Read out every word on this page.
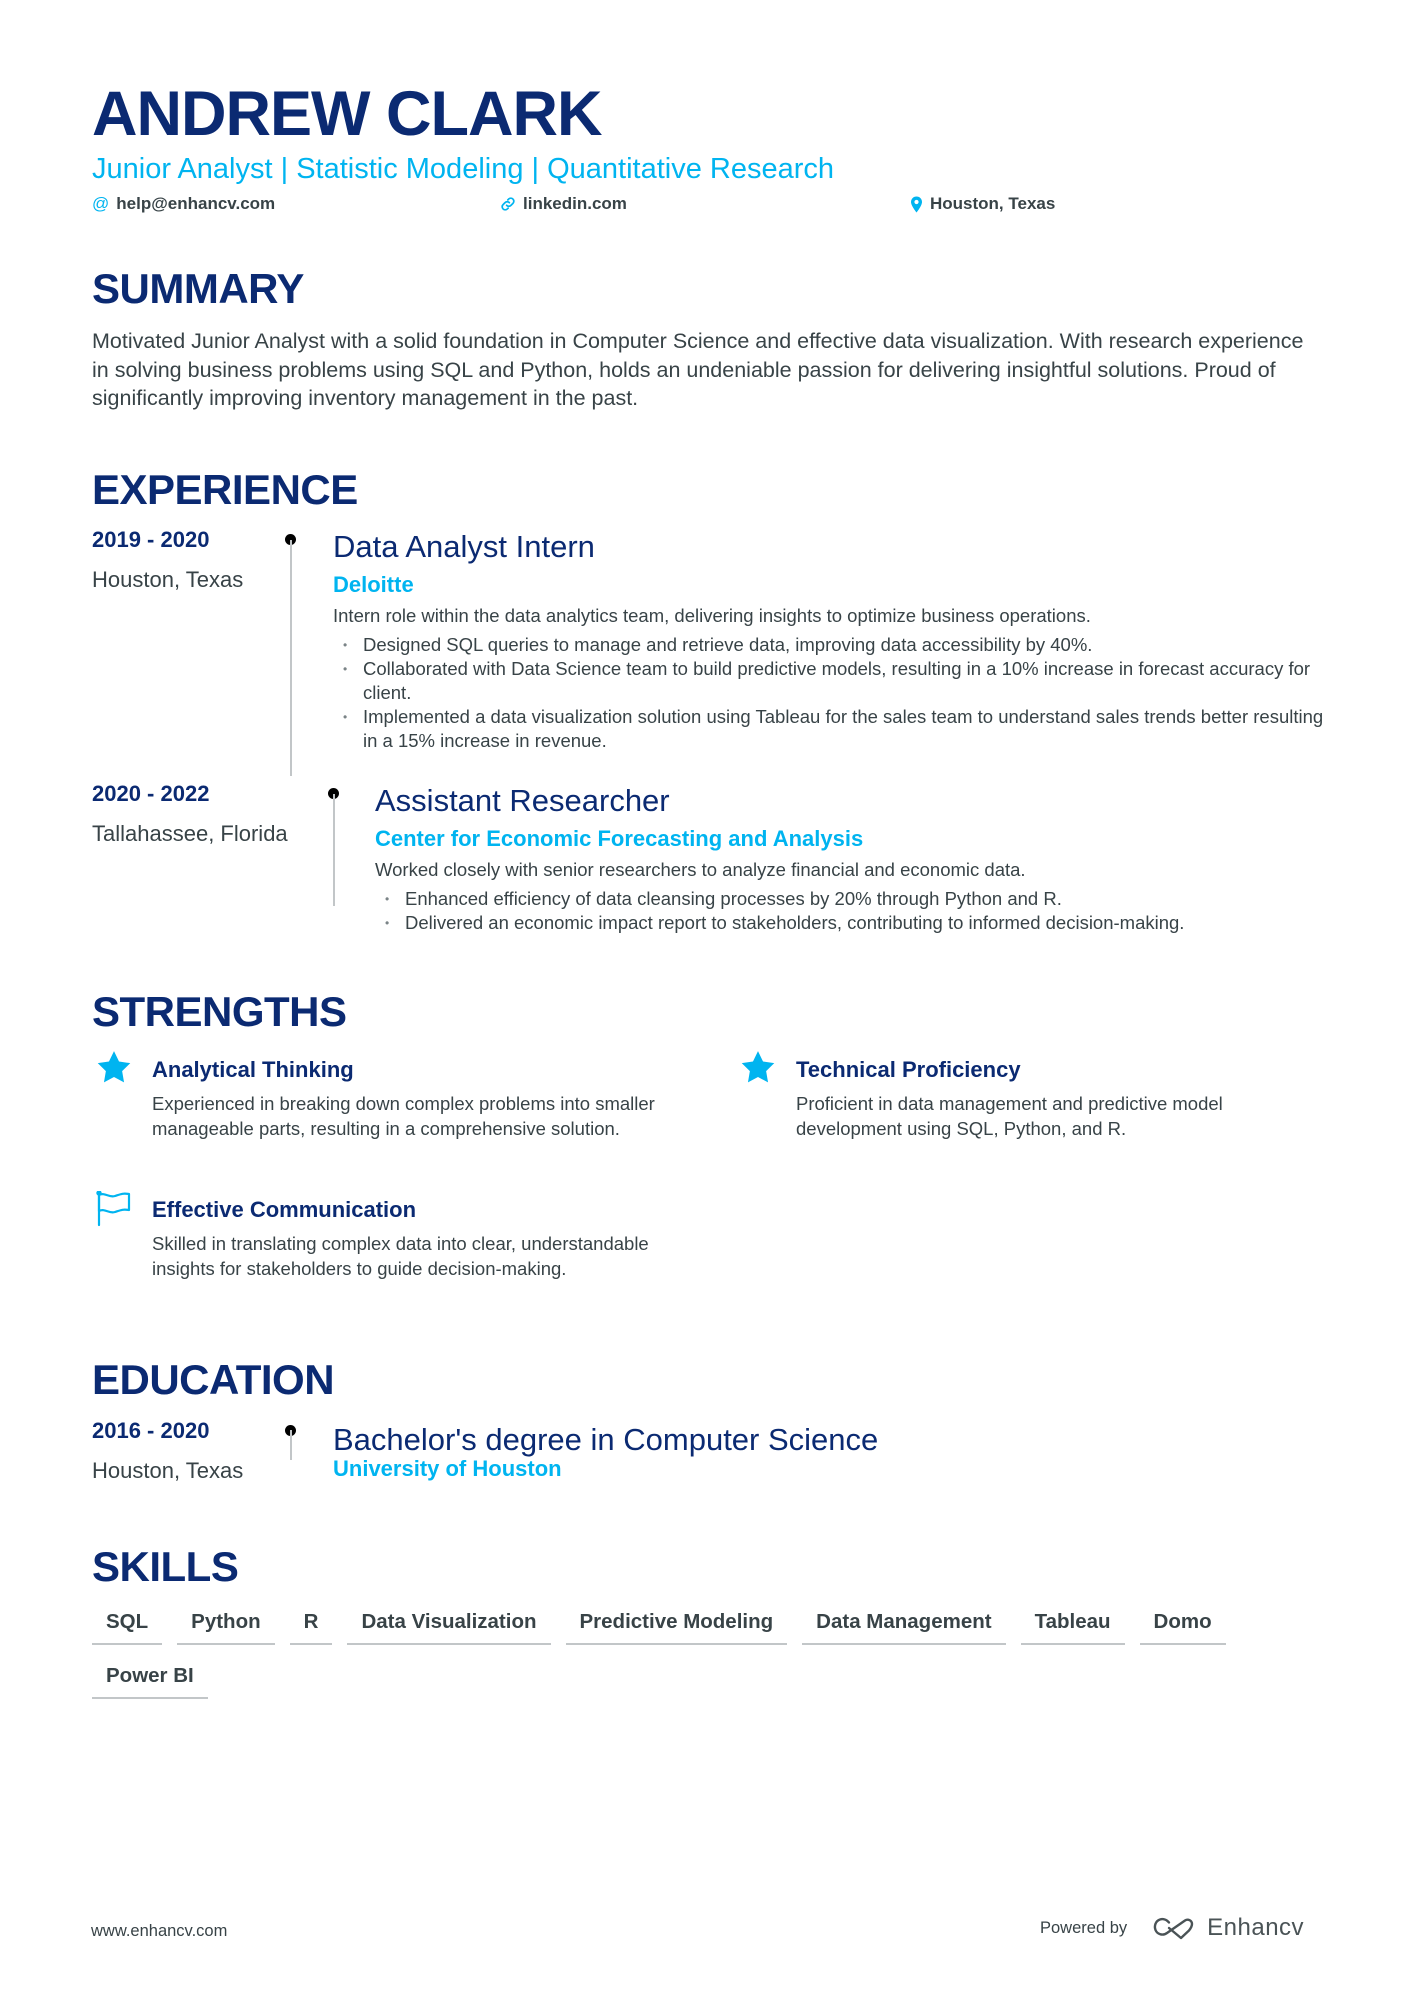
ANDREW CLARK
Junior Analyst | Statistic Modeling | Quantitative Research
@ help@enhancv.com	linkedin.com	Houston, Texas
SUMMARY
Motivated Junior Analyst with a solid foundation in Computer Science and effective data visualization. With research experience in solving business problems using SQL and Python, holds an undeniable passion for delivering insightful solutions. Proud of significantly improving inventory management in the past.
EXPERIENCE
2019 - 2020
Houston, Texas
Data Analyst Intern
Deloitte
Intern role within the data analytics team, delivering insights to optimize business operations.
• Designed SQL queries to manage and retrieve data, improving data accessibility by 40%.
• Collaborated with Data Science team to build predictive models, resulting in a 10% increase in forecast accuracy for client.
• Implemented a data visualization solution using Tableau for the sales team to understand sales trends better resulting in a 15% increase in revenue.
2020 - 2022
Tallahassee, Florida
Assistant Researcher
Center for Economic Forecasting and Analysis
Worked closely with senior researchers to analyze financial and economic data.
• Enhanced efficiency of data cleansing processes by 20% through Python and R.
• Delivered an economic impact report to stakeholders, contributing to informed decision-making.
STRENGTHS
Analytical Thinking
Experienced in breaking down complex problems into smaller manageable parts, resulting in a comprehensive solution.
Technical Proficiency
Proficient in data management and predictive model development using SQL, Python, and R.
Effective Communication
Skilled in translating complex data into clear, understandable insights for stakeholders to guide decision-making.
EDUCATION
2016 - 2020
Houston, Texas
Bachelor's degree in Computer Science
University of Houston
SKILLS
SQL	Python	R	Data Visualization	Predictive Modeling	Data Management	Tableau	Domo
Power BI
www.enhancv.com	Powered by	Enhancv
